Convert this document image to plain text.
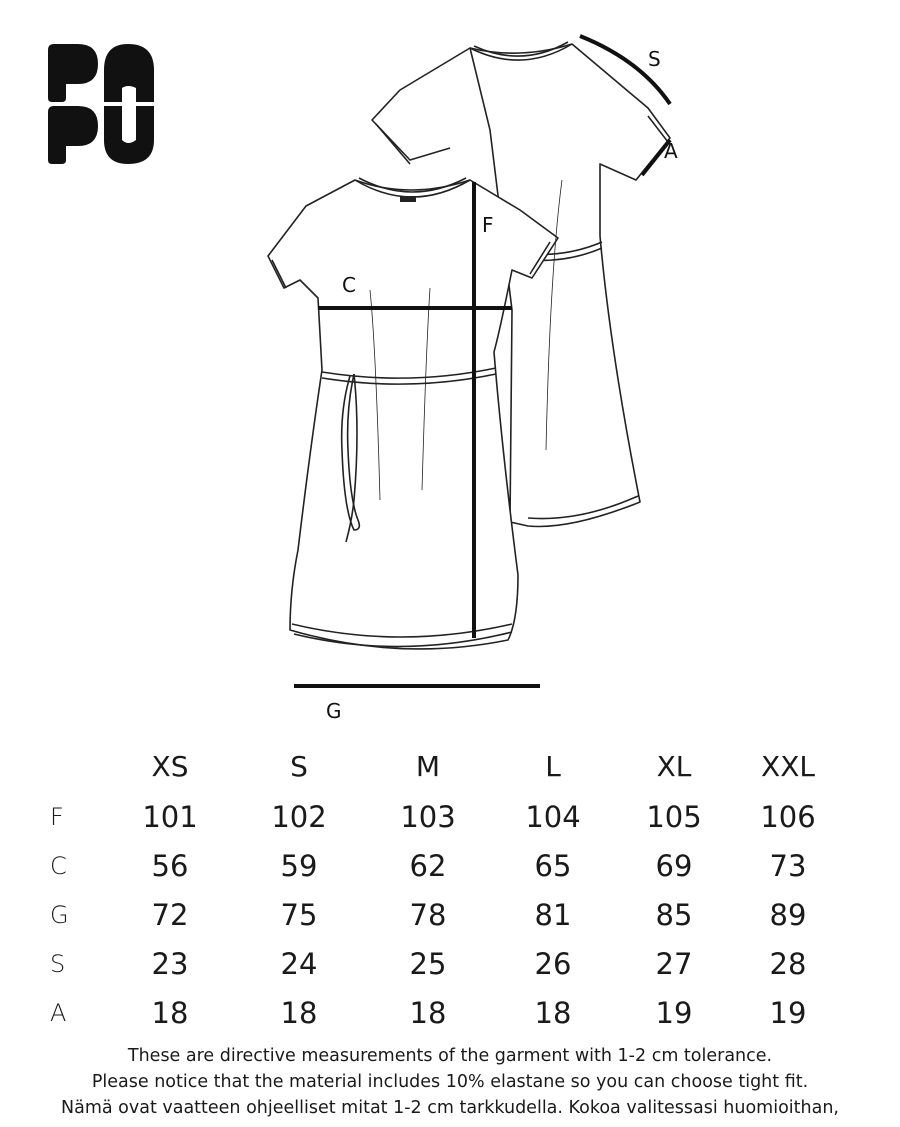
S
A
F
C
G
XS	S	M	L	XL	XXL
F	101	102	103	104	105	106
C	56	59	62	65	69	73
G	72	75	78	81	85	89
S	23	24	25	26	27	28
A	18	18	18	18	19	19
These are directive measurements of the garment with 1-2 cm tolerance.
Please notice that the material includes 10% elastane so you can choose tight fit.
Nämä ovat vaatteen ohjeelliset mitat 1-2 cm tarkkudella. Kokoa valitessasi huomioithan,
